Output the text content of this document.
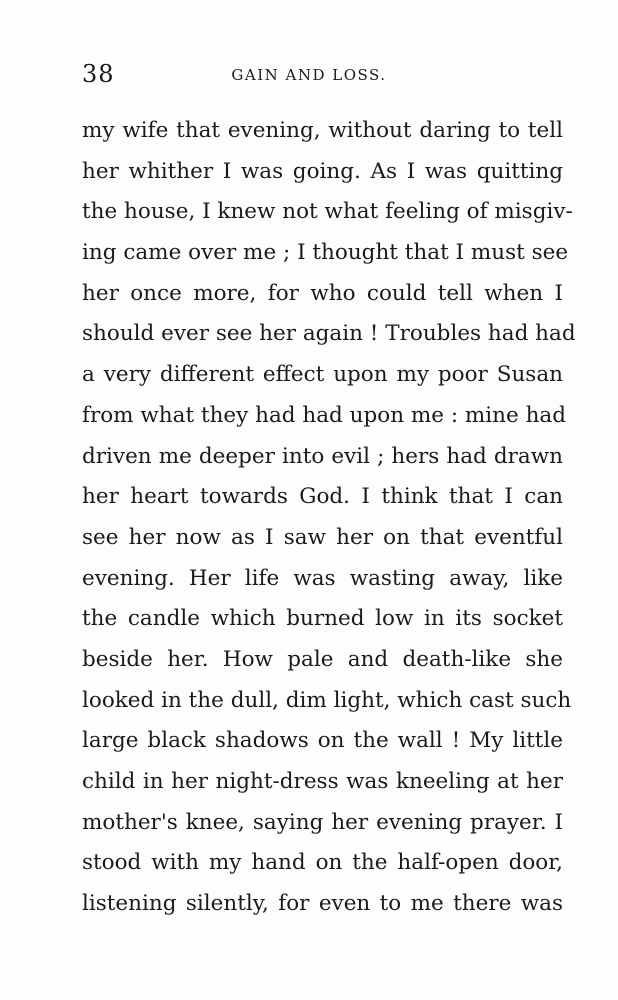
38	GAIN AND LOSS.
my wife that evening, without daring to tell
her whither I was going. As I was quitting
the house, I knew not what feeling of misgiv-
ing came over me ; I thought that I must see
her once more, for who could tell when I
should ever see her again ! Troubles had had
a very different effect upon my poor Susan
from what they had had upon me : mine had
driven me deeper into evil ; hers had drawn
her heart towards God. I think that I can
see her now as I saw her on that eventful
evening. Her life was wasting away, like
the candle which burned low in its socket
beside her. How pale and death-like she
looked in the dull, dim light, which cast such
large black shadows on the wall ! My little
child in her night-dress was kneeling at her
mother's knee, saying her evening prayer. I
stood with my hand on the half-open door,
listening silently, for even to me there was
